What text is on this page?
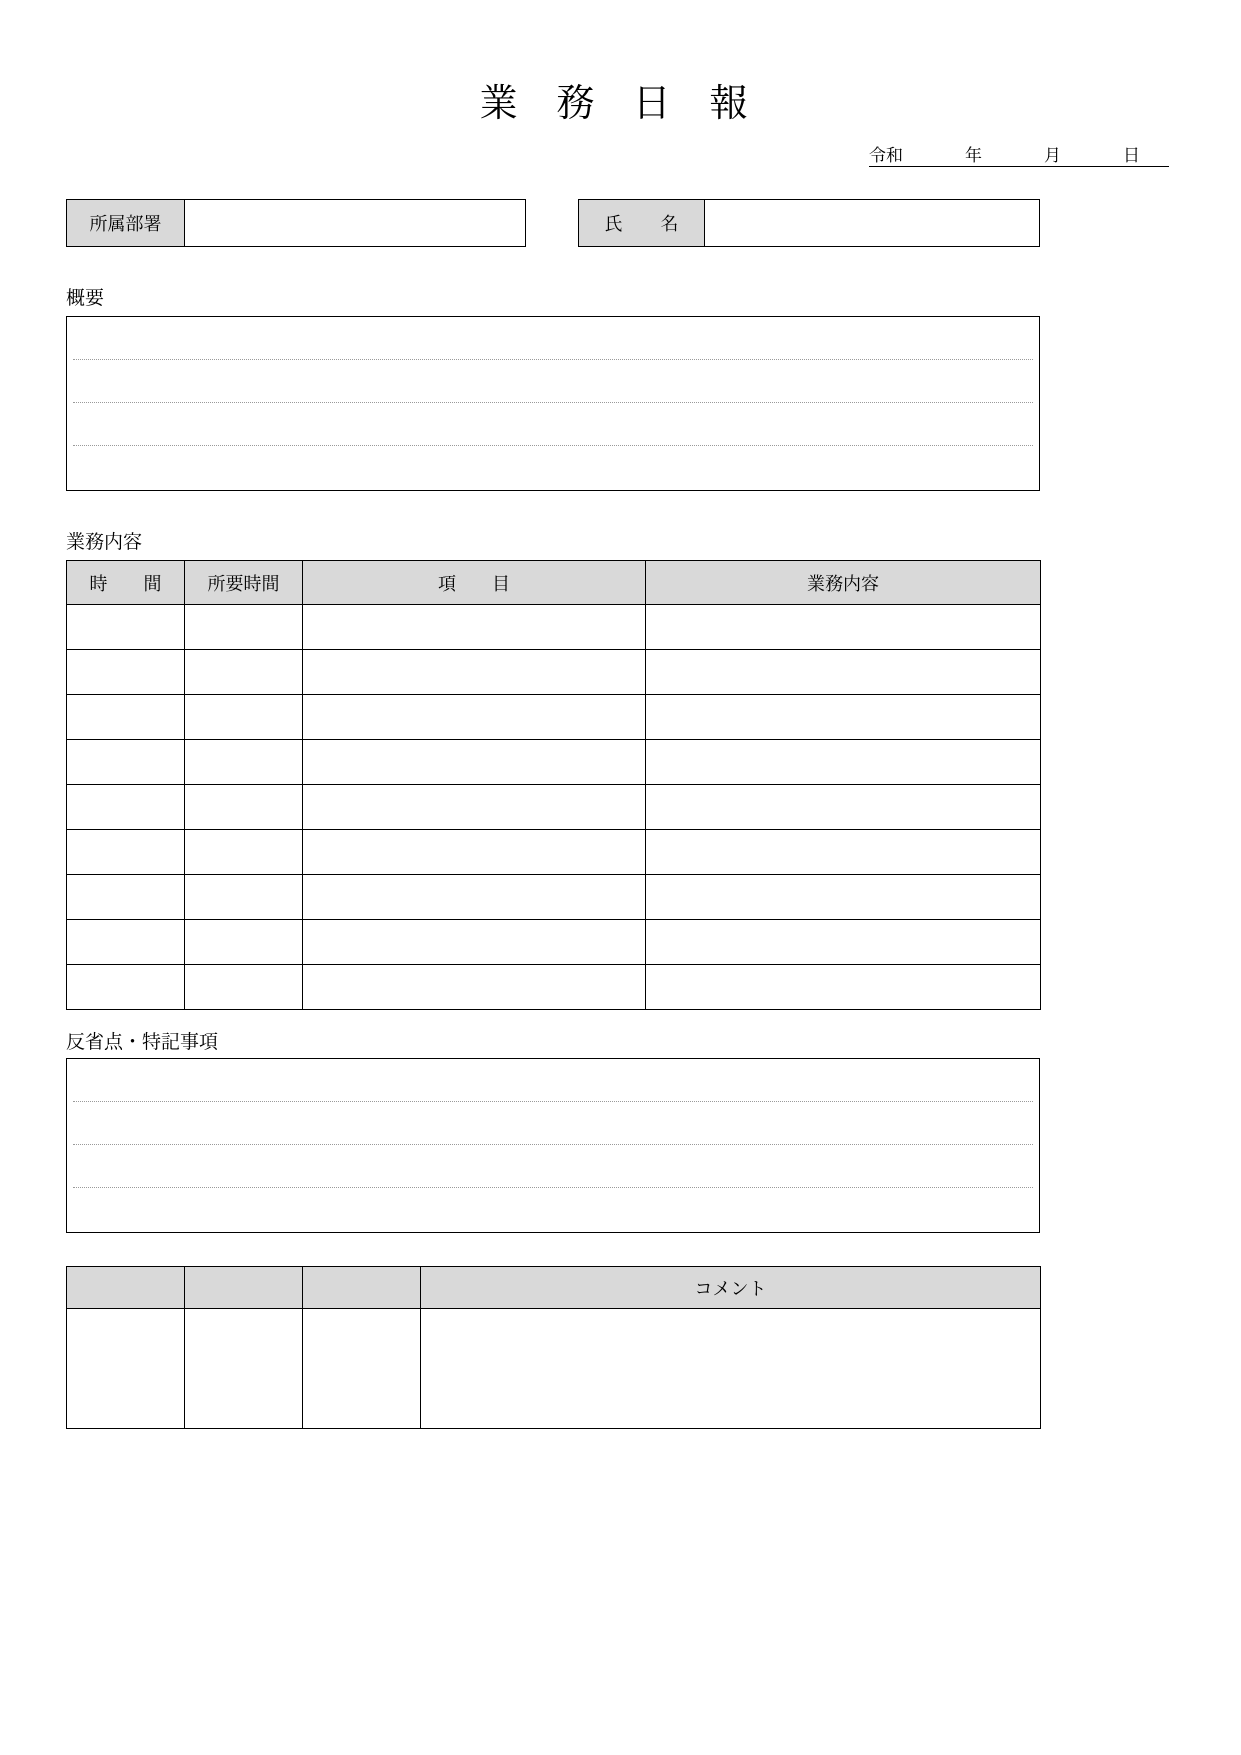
業 務 日 報
令和	年	月	日
所属部署	氏　名
概要
業務内容
時　　間	所要時間	項　　目	業務内容

反省点・特記事項
			コメント
